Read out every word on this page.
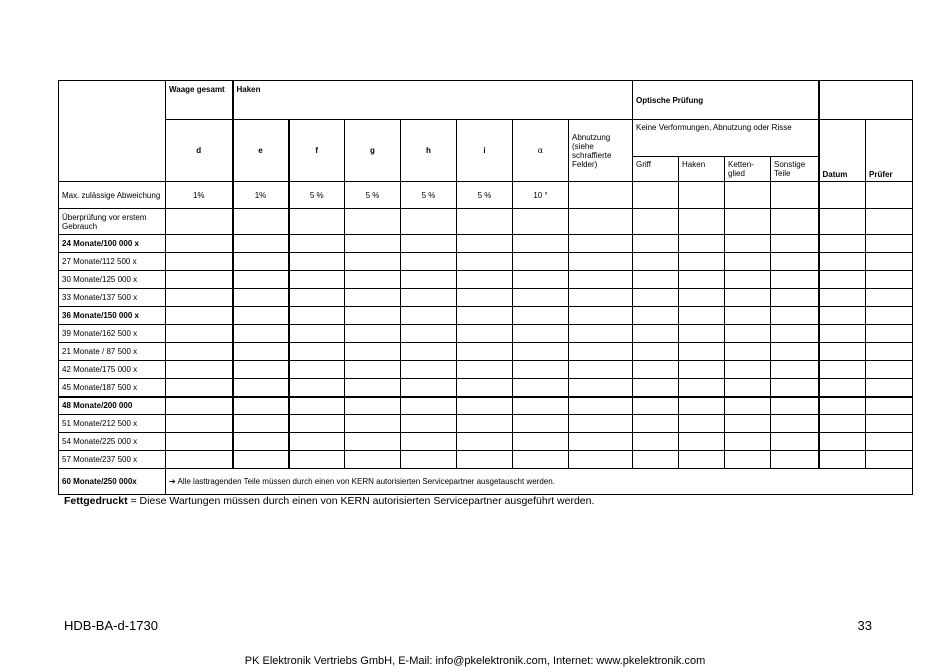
	Waage gesamt	Haken							Optische Prüfung					
	d	e	f	g	h	i	α	Abnutzung (siehe schraffierte Felder)	Keine Verformungen, Abnutzung oder Risse				Datum	Prüfer
									Griff	Haken	Ketten-glied	Sonstige Teile		
Max. zulässige Abweichung	1%	1%	5 %	5 %	5 %	5 %	10 °							
Überprüfung vor erstem Gebrauch														
24 Monate/100 000 x														
27 Monate/112 500 x														
30 Monate/125 000 x														
33 Monate/137 500 x														
36 Monate/150 000 x														
39 Monate/162 500 x														
21 Monate / 87 500 x														
42 Monate/175 000 x														
45 Monate/187 500 x														
48 Monate/200 000														
51 Monate/212 500 x														
54 Monate/225 000 x														
57 Monate/237 500 x														
60 Monate/250 000x	➔ Alle lasttragenden Teile müssen durch einen von KERN autorisierten Servicepartner ausgetauscht werden.													
Fettgedruckt = Diese Wartungen müssen durch einen von KERN autorisierten Servicepartner ausgeführt werden.
HDB-BA-d-1730	33
PK Elektronik Vertriebs GmbH, E-Mail: info@pkelektronik.com, Internet: www.pkelektronik.com
